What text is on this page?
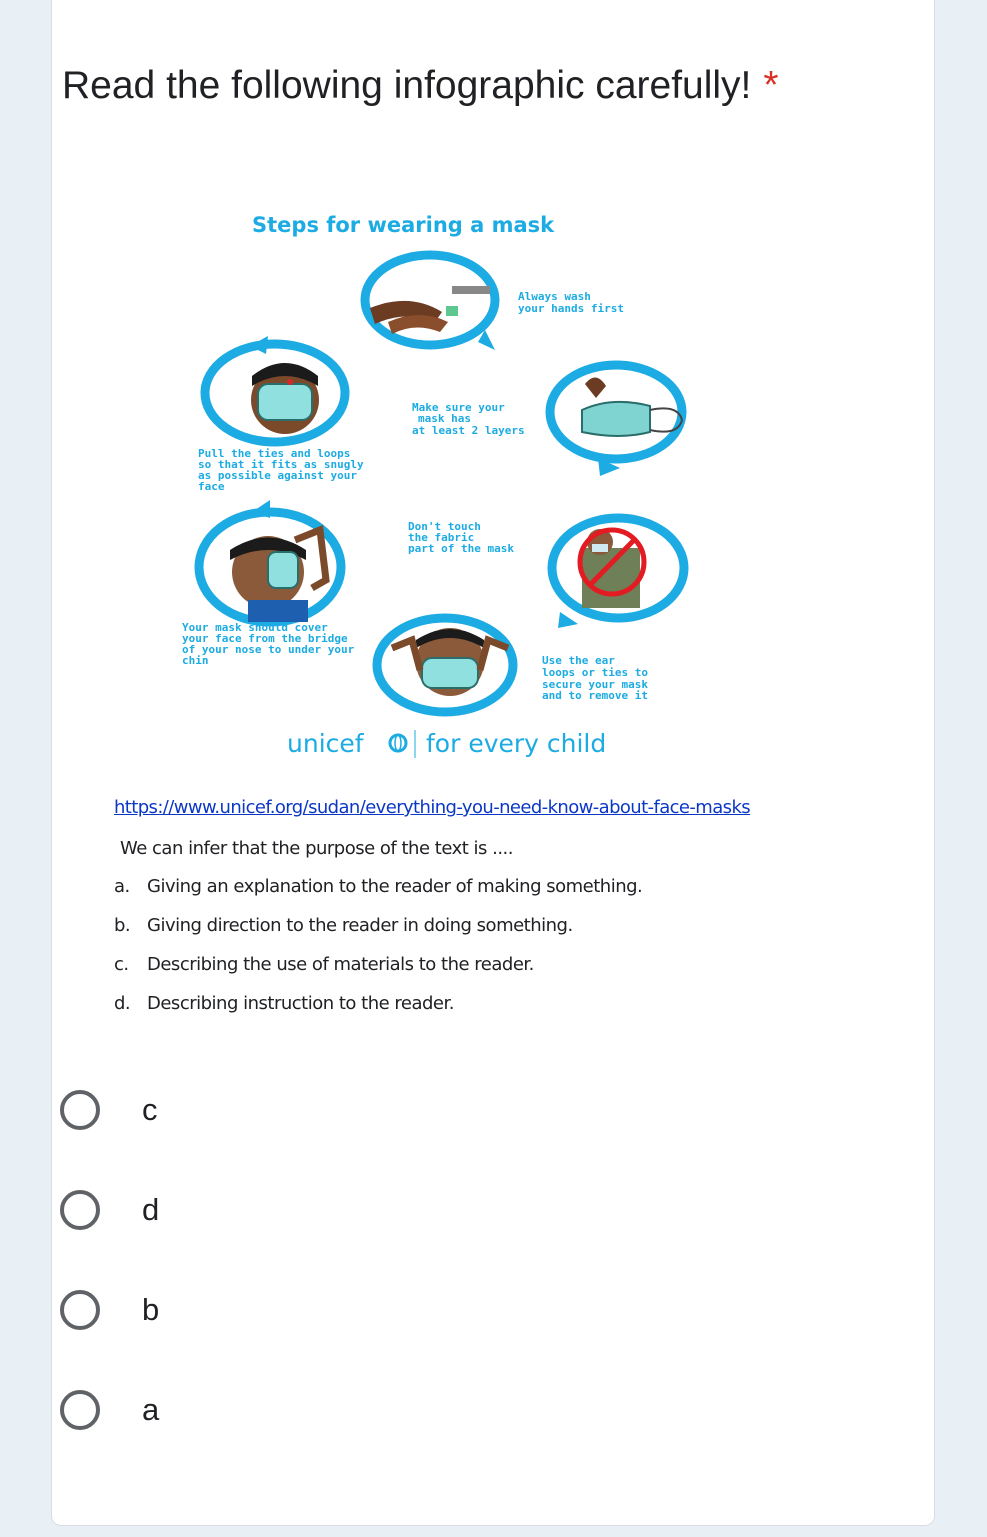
Read the following infographic carefully! *
Steps for wearing a mask
Always wash your hands first
Make sure your mask has at least 2 layers
Pull the ties and loops so that it fits as snugly as possible against your face
Don't touch the fabric part of the mask
Your mask should cover your face from the bridge of your nose to under your chin	Use the ear loops or ties to secure your mask and to remove it
unicef for every child
https://www.unicef.org/sudan/everything-you-need-know-about-face-masks
We can infer that the purpose of the text is ....
a. Giving an explanation to the reader of making something.
b. Giving direction to the reader in doing something.
c. Describing the use of materials to the reader.
d. Describing instruction to the reader.
c
d
b
a
